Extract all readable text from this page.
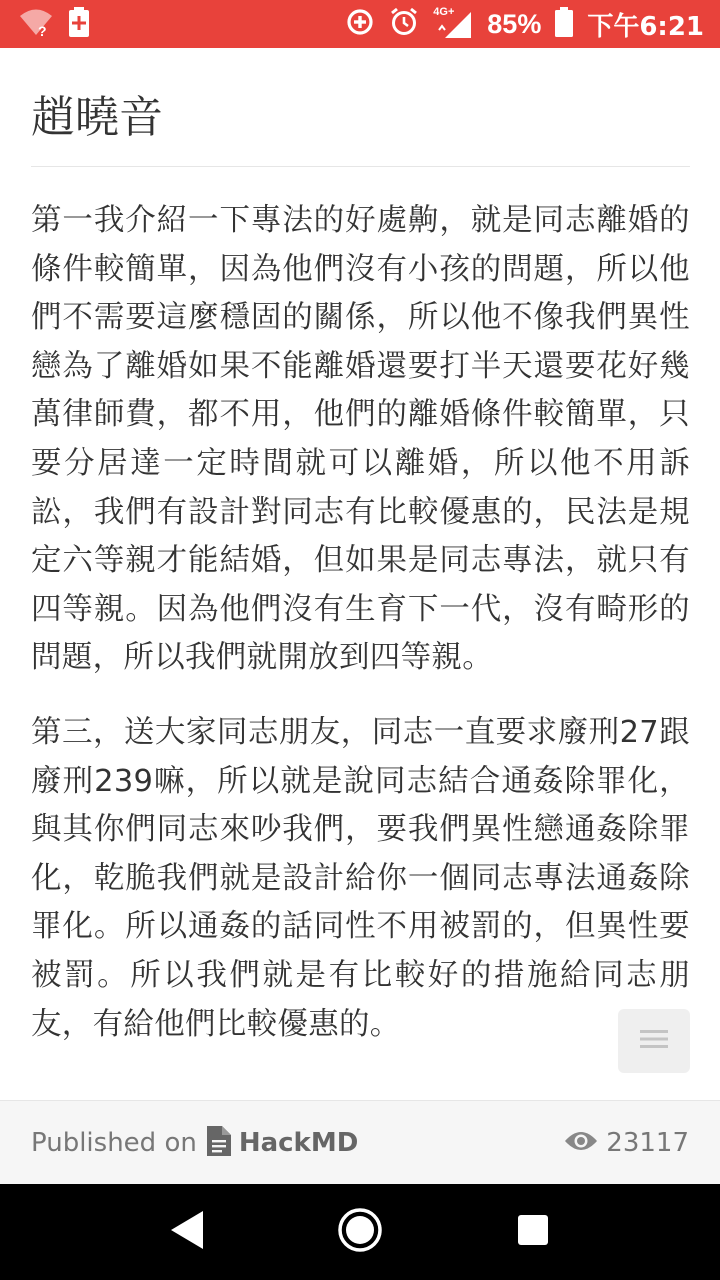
?
4G+ 85% 下午6:21
趙曉音

第一我介紹一下專法的好處齁，就是同志離婚的條件較簡單，因為他們沒有小孩的問題，所以他們不需要這麼穩固的關係，所以他不像我們異性戀為了離婚如果不能離婚還要打半天還要花好幾萬律師費，都不用，他們的離婚條件較簡單，只要分居達一定時間就可以離婚，所以他不用訴訟，我們有設計對同志有比較優惠的，民法是規定六等親才能結婚，但如果是同志專法，就只有四等親。因為他們沒有生育下一代，沒有畸形的問題，所以我們就開放到四等親。

第三，送大家同志朋友，同志一直要求廢刑27跟廢刑239嘛，所以就是說同志結合通姦除罪化，與其你們同志來吵我們，要我們異性戀通姦除罪化，乾脆我們就是設計給你一個同志專法通姦除罪化。所以通姦的話同性不用被罰的，但異性要被罰。所以我們就是有比較好的措施給同志朋友，有給他們比較優惠的。

Published on HackMD	23117
